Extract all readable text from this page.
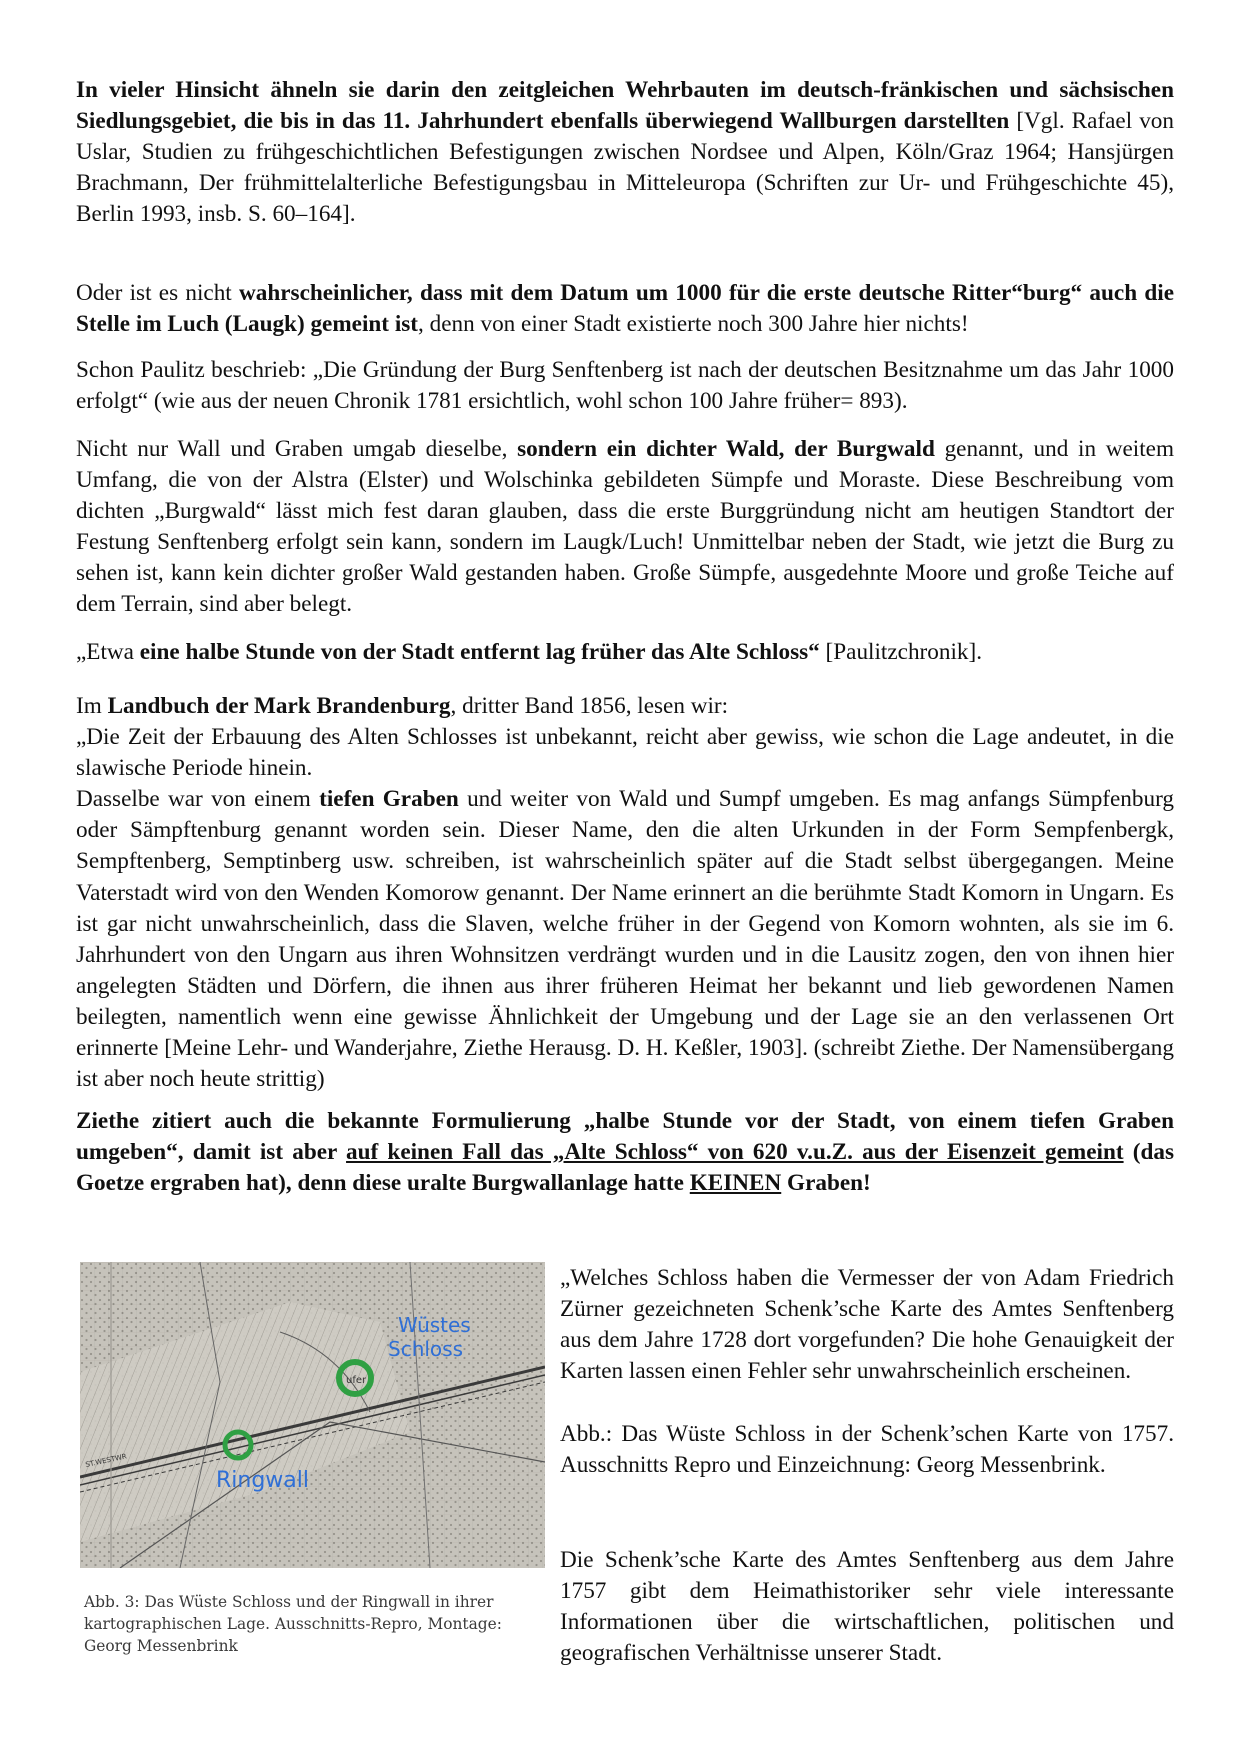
In vieler Hinsicht ähneln sie darin den zeitgleichen Wehrbauten im deutsch-fränkischen und sächsischen Siedlungsgebiet, die bis in das 11. Jahrhundert ebenfalls überwiegend Wallburgen darstellten [Vgl. Rafael von Uslar, Studien zu frühgeschichtlichen Befestigungen zwischen Nordsee und Alpen, Köln/Graz 1964; Hansjürgen Brachmann, Der frühmittelalterliche Befestigungsbau in Mitteleuropa (Schriften zur Ur- und Frühgeschichte 45), Berlin 1993, insb. S. 60–164].

Oder ist es nicht wahrscheinlicher, dass mit dem Datum um 1000 für die erste deutsche Ritter“burg“ auch die Stelle im Luch (Laugk) gemeint ist, denn von einer Stadt existierte noch 300 Jahre hier nichts!

Schon Paulitz beschrieb: „Die Gründung der Burg Senftenberg ist nach der deutschen Besitznahme um das Jahr 1000 erfolgt“ (wie aus der neuen Chronik 1781 ersichtlich, wohl schon 100 Jahre früher= 893).

Nicht nur Wall und Graben umgab dieselbe, sondern ein dichter Wald, der Burgwald genannt, und in weitem Umfang, die von der Alstra (Elster) und Wolschinka gebildeten Sümpfe und Moraste. Diese Beschreibung vom dichten „Burgwald“ lässt mich fest daran glauben, dass die erste Burggründung nicht am heutigen Standtort der Festung Senftenberg erfolgt sein kann, sondern im Laugk/Luch! Unmittelbar neben der Stadt, wie jetzt die Burg zu sehen ist, kann kein dichter großer Wald gestanden haben. Große Sümpfe, ausgedehnte Moore und große Teiche auf dem Terrain, sind aber belegt.

„Etwa eine halbe Stunde von der Stadt entfernt lag früher das Alte Schloss“ [Paulitzchronik].

Im Landbuch der Mark Brandenburg, dritter Band 1856, lesen wir:
„Die Zeit der Erbauung des Alten Schlosses ist unbekannt, reicht aber gewiss, wie schon die Lage andeutet, in die slawische Periode hinein.
Dasselbe war von einem tiefen Graben und weiter von Wald und Sumpf umgeben. Es mag anfangs Sümpfenburg oder Sämpftenburg genannt worden sein. Dieser Name, den die alten Urkunden in der Form Sempfenbergk, Sempftenberg, Semptinberg usw. schreiben, ist wahrscheinlich später auf die Stadt selbst übergegangen. Meine Vaterstadt wird von den Wenden Komorow genannt. Der Name erinnert an die berühmte Stadt Komorn in Ungarn. Es ist gar nicht unwahrscheinlich, dass die Slaven, welche früher in der Gegend von Komorn wohnten, als sie im 6. Jahrhundert von den Ungarn aus ihren Wohnsitzen verdrängt wurden und in die Lausitz zogen, den von ihnen hier angelegten Städten und Dörfern, die ihnen aus ihrer früheren Heimat her bekannt und lieb gewordenen Namen beilegten, namentlich wenn eine gewisse Ähnlichkeit der Umgebung und der Lage sie an den verlassenen Ort erinnerte [Meine Lehr- und Wanderjahre, Ziethe Herausg. D. H. Keßler, 1903]. (schreibt Ziethe. Der Namensübergang ist aber noch heute strittig)

Ziethe zitiert auch die bekannte Formulierung „halbe Stunde vor der Stadt, von einem tiefen Graben umgeben“, damit ist aber auf keinen Fall das „Alte Schloss“ von 620 v.u.Z. aus der Eisenzeit gemeint (das Goetze ergraben hat), denn diese uralte Burgwallanlage hatte KEINEN Graben!

ufer
ST.WESTWR
Wüstes
Schloss
Ringwall

Abb. 3: Das Wüste Schloss und der Ringwall in ihrer kartographischen Lage. Ausschnitts-Repro, Montage: Georg Messenbrink

„Welches Schloss haben die Vermesser der von Adam Friedrich Zürner gezeichneten Schenk’sche Karte des Amtes Senftenberg aus dem Jahre 1728 dort vorgefunden? Die hohe Genauigkeit der Karten lassen einen Fehler sehr unwahrscheinlich erscheinen.

Abb.: Das Wüste Schloss in der Schenk’schen Karte von 1757. Ausschnitts Repro und Einzeichnung: Georg Messenbrink.

Die Schenk’sche Karte des Amtes Senftenberg aus dem Jahre 1757 gibt dem Heimathistoriker sehr viele interessante Informationen über die wirtschaftlichen, politischen und geografischen Verhältnisse unserer Stadt.
